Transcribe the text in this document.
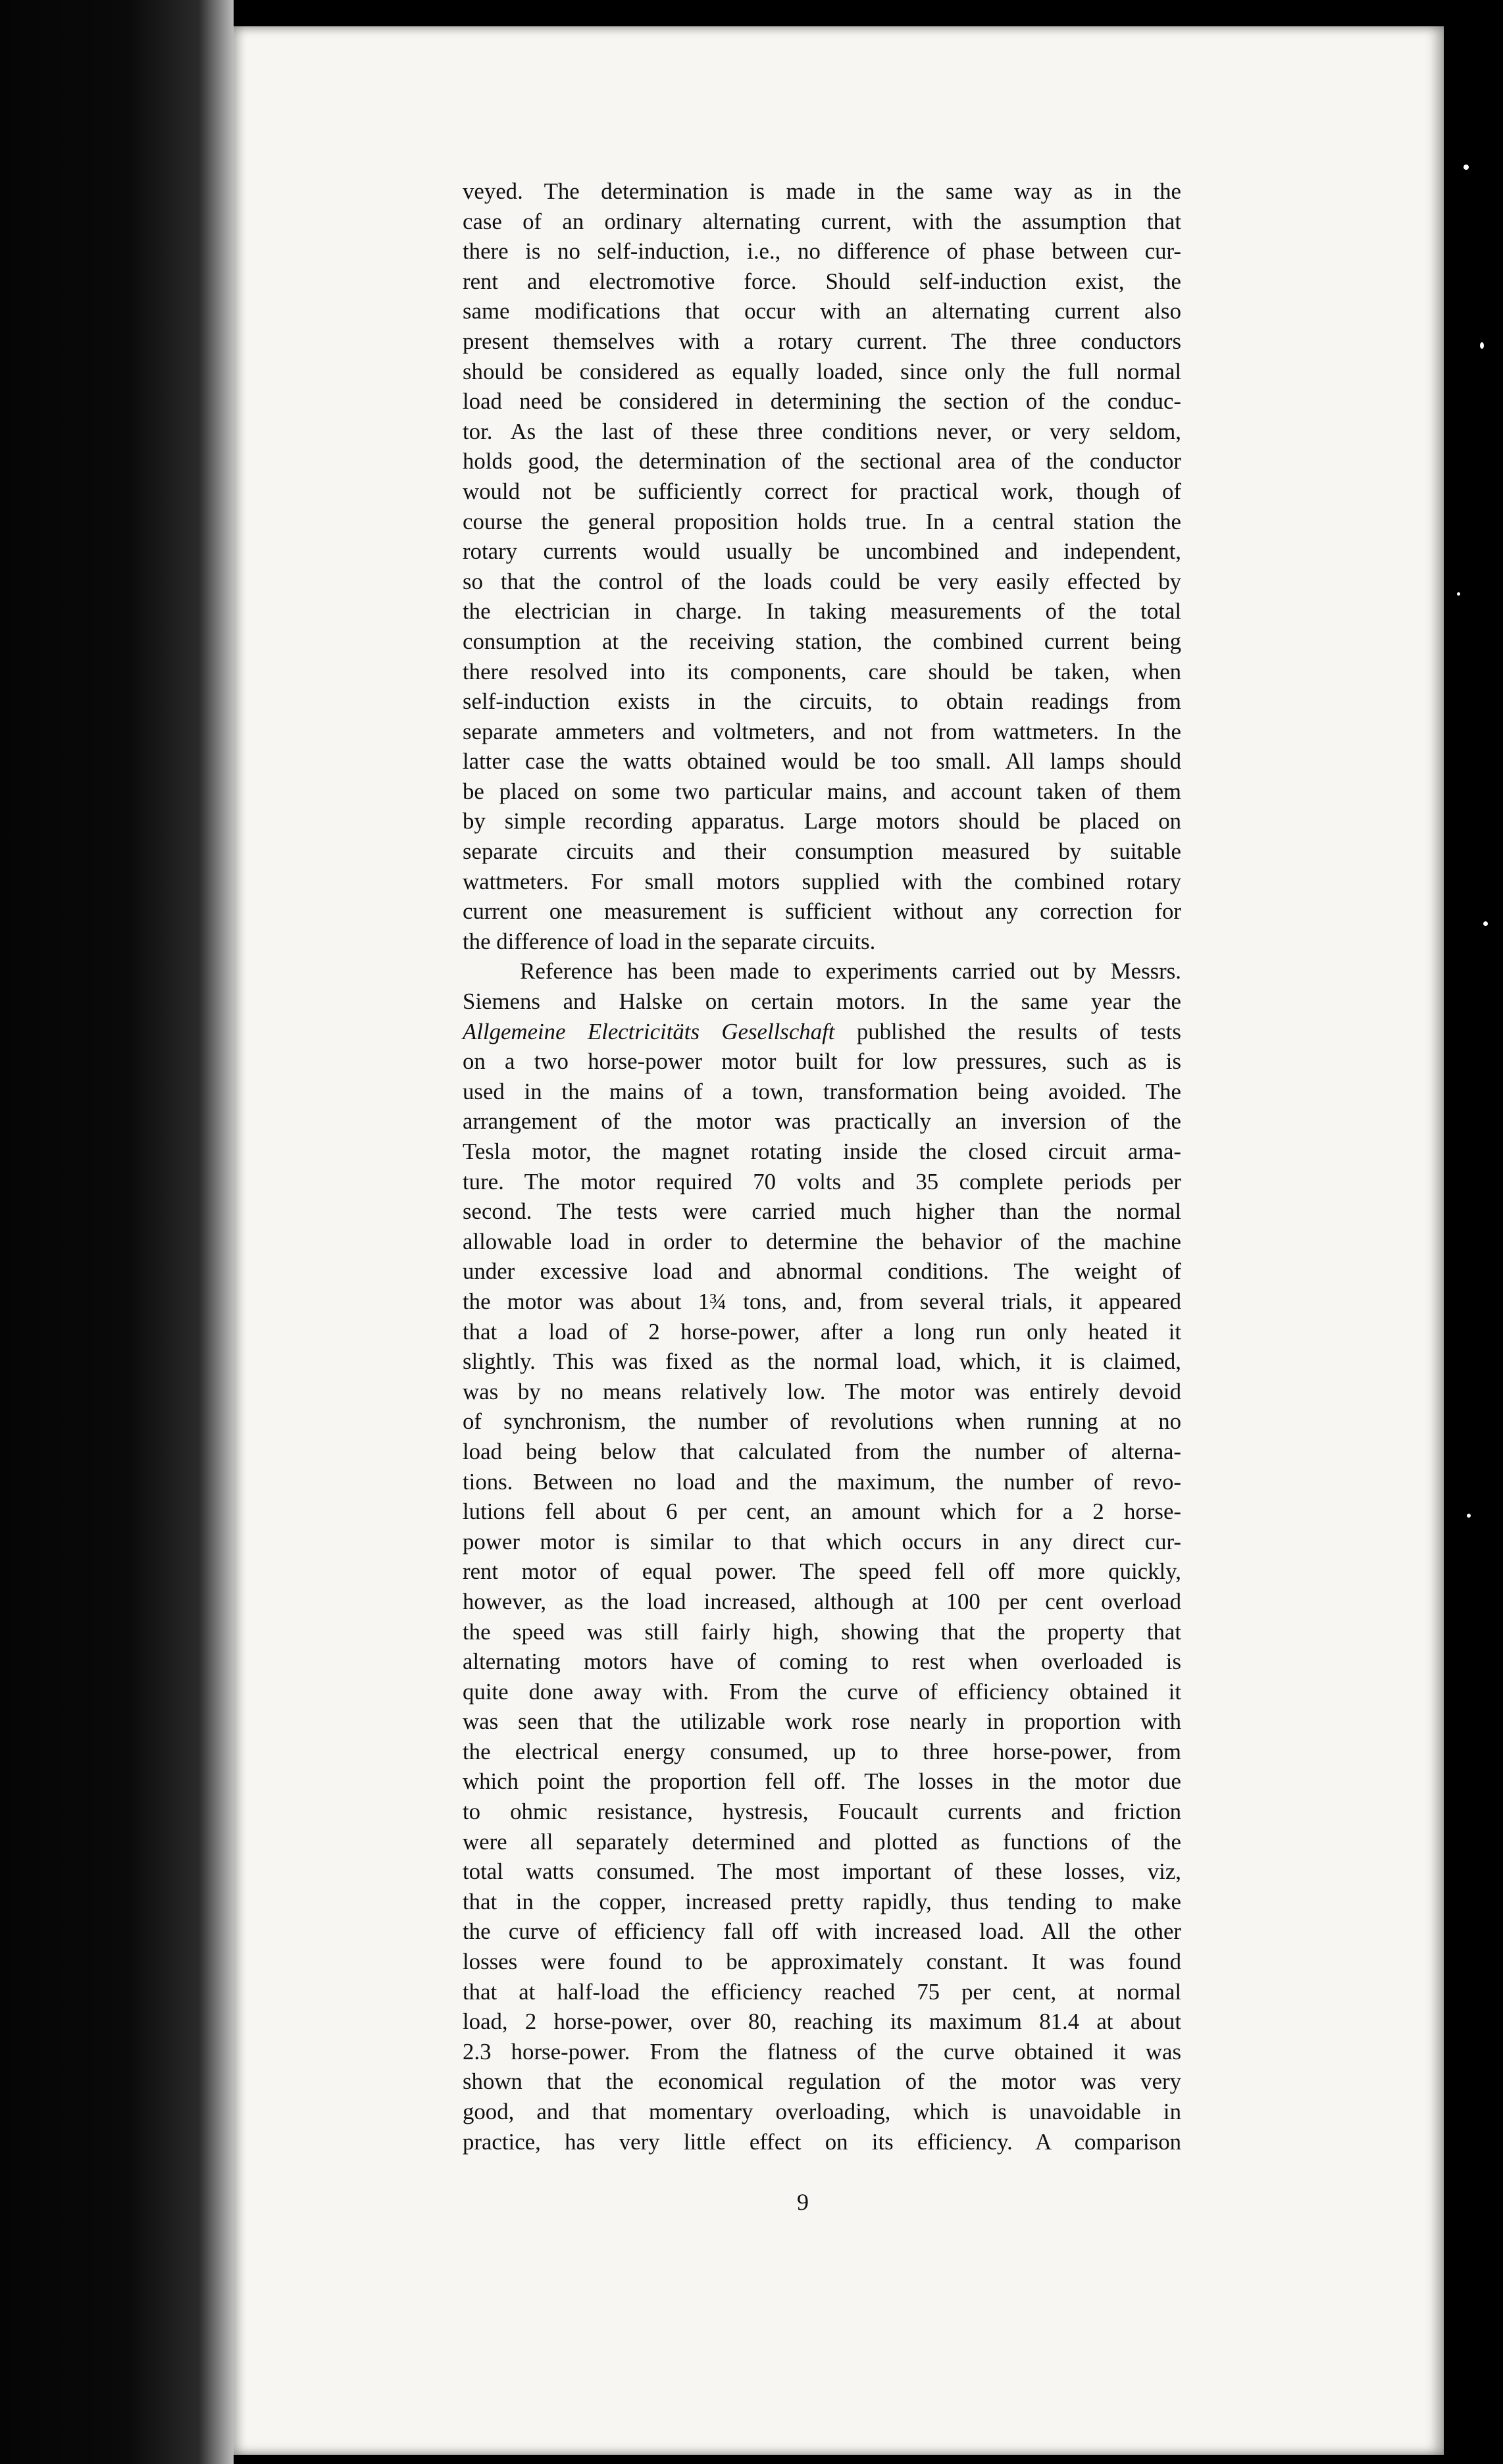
veyed. The determination is made in the same way as in the
case of an ordinary alternating current, with the assumption that
there is no self-induction, i.e., no difference of phase between cur-
rent and electromotive force. Should self-induction exist, the
same modifications that occur with an alternating current also
present themselves with a rotary current. The three conductors
should be considered as equally loaded, since only the full normal
load need be considered in determining the section of the conduc-
tor. As the last of these three conditions never, or very seldom,
holds good, the determination of the sectional area of the conductor
would not be sufficiently correct for practical work, though of
course the general proposition holds true. In a central station the
rotary currents would usually be uncombined and independent,
so that the control of the loads could be very easily effected by
the electrician in charge. In taking measurements of the total
consumption at the receiving station, the combined current being
there resolved into its components, care should be taken, when
self-induction exists in the circuits, to obtain readings from
separate ammeters and voltmeters, and not from wattmeters. In the
latter case the watts obtained would be too small. All lamps should
be placed on some two particular mains, and account taken of them
by simple recording apparatus. Large motors should be placed on
separate circuits and their consumption measured by suitable
wattmeters. For small motors supplied with the combined rotary
current one measurement is sufficient without any correction for
the difference of load in the separate circuits.
Reference has been made to experiments carried out by Messrs.
Siemens and Halske on certain motors. In the same year the
Allgemeine Electricitäts Gesellschaft published the results of tests
on a two horse-power motor built for low pressures, such as is
used in the mains of a town, transformation being avoided. The
arrangement of the motor was practically an inversion of the
Tesla motor, the magnet rotating inside the closed circuit arma-
ture. The motor required 70 volts and 35 complete periods per
second. The tests were carried much higher than the normal
allowable load in order to determine the behavior of the machine
under excessive load and abnormal conditions. The weight of
the motor was about 1¾ tons, and, from several trials, it appeared
that a load of 2 horse-power, after a long run only heated it
slightly. This was fixed as the normal load, which, it is claimed,
was by no means relatively low. The motor was entirely devoid
of synchronism, the number of revolutions when running at no
load being below that calculated from the number of alterna-
tions. Between no load and the maximum, the number of revo-
lutions fell about 6 per cent, an amount which for a 2 horse-
power motor is similar to that which occurs in any direct cur-
rent motor of equal power. The speed fell off more quickly,
however, as the load increased, although at 100 per cent overload
the speed was still fairly high, showing that the property that
alternating motors have of coming to rest when overloaded is
quite done away with. From the curve of efficiency obtained it
was seen that the utilizable work rose nearly in proportion with
the electrical energy consumed, up to three horse-power, from
which point the proportion fell off. The losses in the motor due
to ohmic resistance, hystresis, Foucault currents and friction
were all separately determined and plotted as functions of the
total watts consumed. The most important of these losses, viz,
that in the copper, increased pretty rapidly, thus tending to make
the curve of efficiency fall off with increased load. All the other
losses were found to be approximately constant. It was found
that at half-load the efficiency reached 75 per cent, at normal
load, 2 horse-power, over 80, reaching its maximum 81.4 at about
2.3 horse-power. From the flatness of the curve obtained it was
shown that the economical regulation of the motor was very
good, and that momentary overloading, which is unavoidable in
practice, has very little effect on its efficiency. A comparison
9
